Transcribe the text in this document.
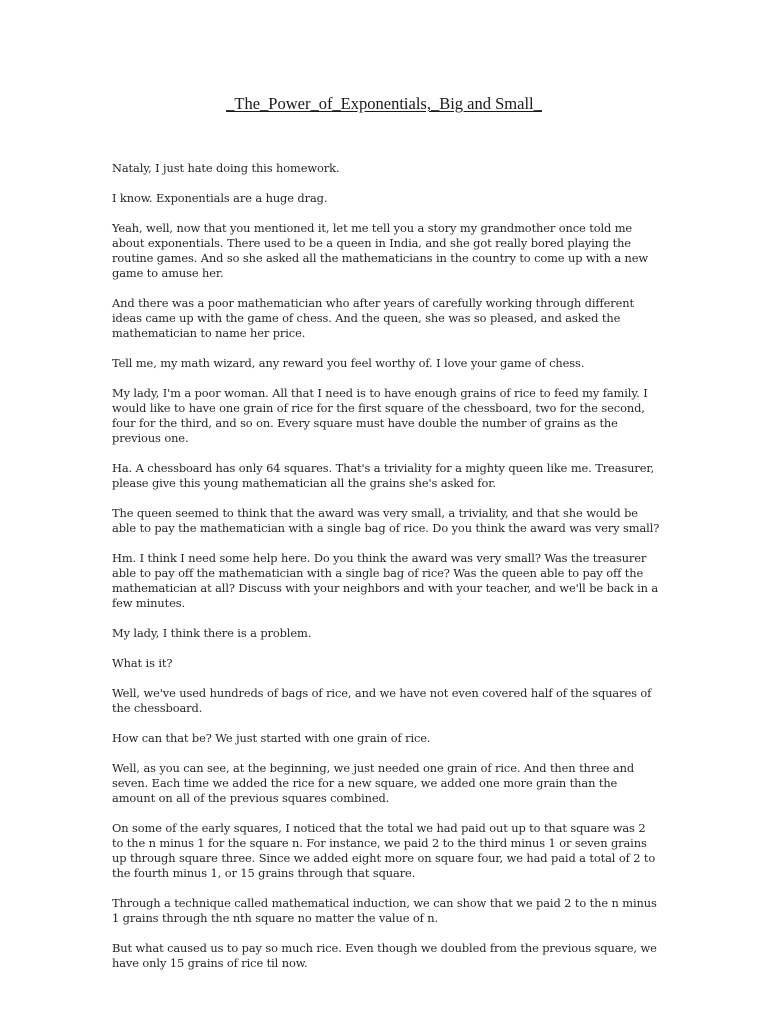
_The_Power_of_Exponentials,_Big and Small_

Nataly, I just hate doing this homework.

I know. Exponentials are a huge drag.

Yeah, well, now that you mentioned it, let me tell you a story my grandmother once told me about exponentials. There used to be a queen in India, and she got really bored playing the routine games. And so she asked all the mathematicians in the country to come up with a new game to amuse her.

And there was a poor mathematician who after years of carefully working through different ideas came up with the game of chess. And the queen, she was so pleased, and asked the mathematician to name her price.

Tell me, my math wizard, any reward you feel worthy of. I love your game of chess.

My lady, I'm a poor woman. All that I need is to have enough grains of rice to feed my family. I would like to have one grain of rice for the first square of the chessboard, two for the second, four for the third, and so on. Every square must have double the number of grains as the previous one.

Ha. A chessboard has only 64 squares. That's a triviality for a mighty queen like me. Treasurer, please give this young mathematician all the grains she's asked for.

The queen seemed to think that the award was very small, a triviality, and that she would be able to pay the mathematician with a single bag of rice. Do you think the award was very small?

Hm. I think I need some help here. Do you think the award was very small? Was the treasurer able to pay off the mathematician with a single bag of rice? Was the queen able to pay off the mathematician at all? Discuss with your neighbors and with your teacher, and we'll be back in a few minutes.

My lady, I think there is a problem.

What is it?

Well, we've used hundreds of bags of rice, and we have not even covered half of the squares of the chessboard.

How can that be? We just started with one grain of rice.

Well, as you can see, at the beginning, we just needed one grain of rice. And then three and seven. Each time we added the rice for a new square, we added one more grain than the amount on all of the previous squares combined.

On some of the early squares, I noticed that the total we had paid out up to that square was 2 to the n minus 1 for the square n. For instance, we paid 2 to the third minus 1 or seven grains up through square three. Since we added eight more on square four, we had paid a total of 2 to the fourth minus 1, or 15 grains through that square.

Through a technique called mathematical induction, we can show that we paid 2 to the n minus 1 grains through the nth square no matter the value of n.

But what caused us to pay so much rice. Even though we doubled from the previous square, we have only 15 grains of rice til now.
